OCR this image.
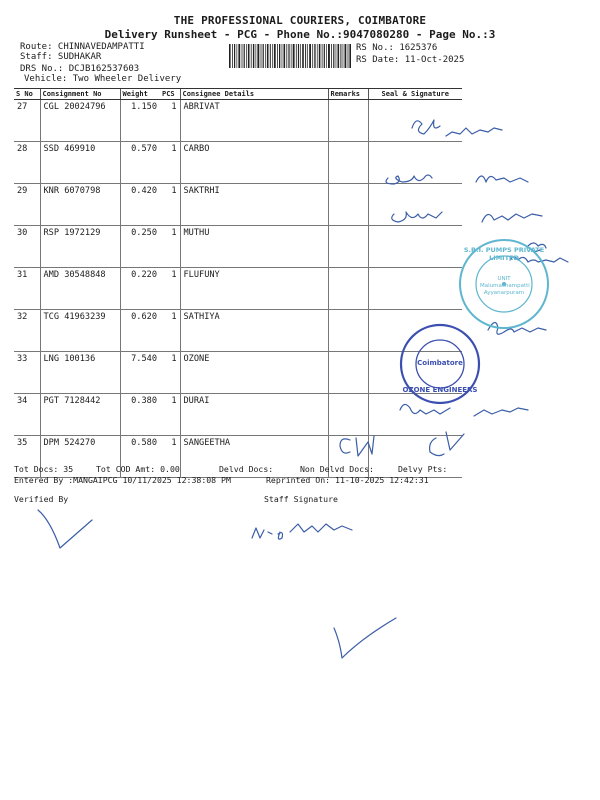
THE PROFESSIONAL COURIERS, COIMBATORE
Delivery Runsheet - PCG - Phone No.:9047080280 - Page No.:3
Route: CHINNAVEDAMPATTI
Staff: SUDHAKAR
DRS No.: DCJB162537603
Vehicle: Two Wheeler Delivery
RS No.: 1625376
RS Date: 11-Oct-2025
S No	Consignment No	Weight	PCS	Consignee Details	Remarks	Seal & Signature
27	CGL 20024796	1.150	1	ABRIVAT		
28	SSD 469910	0.570	1	CARBO		
29	KNR 6070798	0.420	1	SAKTRHI		
30	RSP 1972129	0.250	1	MUTHU		
31	AMD 30548848	0.220	1	FLUFUNY		
32	TCG 41963239	0.620	1	SATHIYA		
33	LNG 100136	7.540	1	OZONE		
34	PGT 7128442	0.380	1	DURAI		
35	DPM 524270	0.580	1	SANGEETHA		
Tot Docs: 35	Tot COD Amt: 0.00	Delvd Docs:	Non Delvd Docs:	Delvy Pts:
Entered By :MANGAIPCG 10/11/2025 12:38:08 PM	Reprinted On: 11-10-2025 12:42:31
Verified By	Staff Signature
S.R.I. PUMPS PRIVATE LIMITED
UNIT Malumachampatti Ayyanarpuram
OZONE ENGINEERS
Coimbatore
